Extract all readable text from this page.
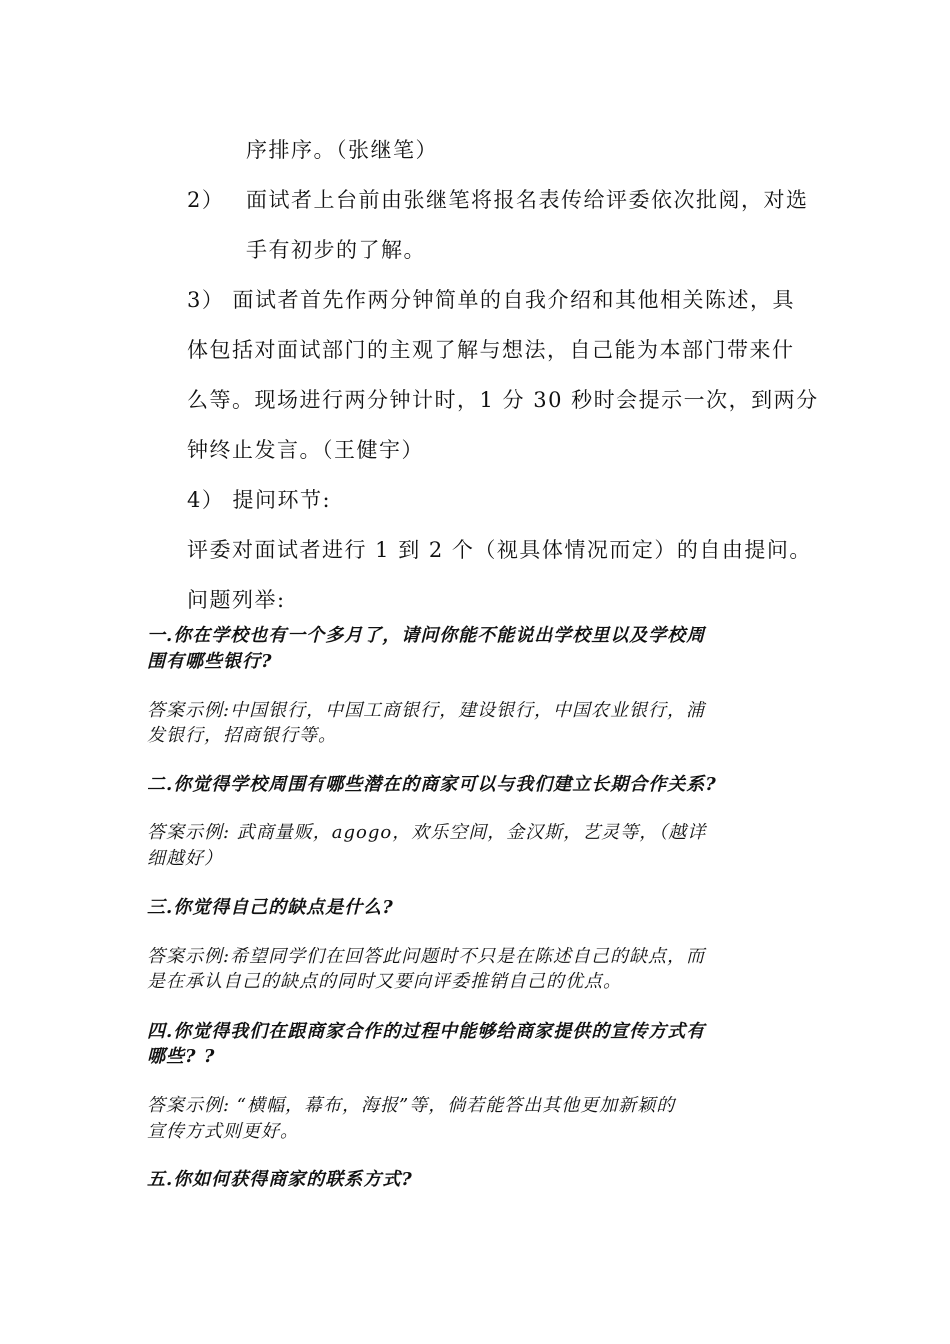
序排序。（张继笔）
2） 面试者上台前由张继笔将报名表传给评委依次批阅，对选
手有初步的了解。
3） 面试者首先作两分钟简单的自我介绍和其他相关陈述，具
体包括对面试部门的主观了解与想法，自己能为本部门带来什
么等。现场进行两分钟计时，1 分 30 秒时会提示一次，到两分
钟终止发言。（王健宇）
4） 提问环节:
评委对面试者进行 1 到 2 个（视具体情况而定）的自由提问。
问题列举:
一.你在学校也有一个多月了，请问你能不能说出学校里以及学校周
围有哪些银行?
答案示例:中国银行，中国工商银行，建设银行，中国农业银行，浦
发银行，招商银行等。
二.你觉得学校周围有哪些潜在的商家可以与我们建立长期合作关系?
答案示例: 武商量贩，agogo，欢乐空间，金汉斯，艺灵等，（越详
细越好）
三.你觉得自己的缺点是什么?
答案示例:希望同学们在回答此问题时不只是在陈述自己的缺点，而
是在承认自己的缺点的同时又要向评委推销自己的优点。
四.你觉得我们在跟商家合作的过程中能够给商家提供的宣传方式有
哪些? ?
答案示例: “横幅，幕布，海报”等，倘若能答出其他更加新颖的
宣传方式则更好。
五.你如何获得商家的联系方式?
